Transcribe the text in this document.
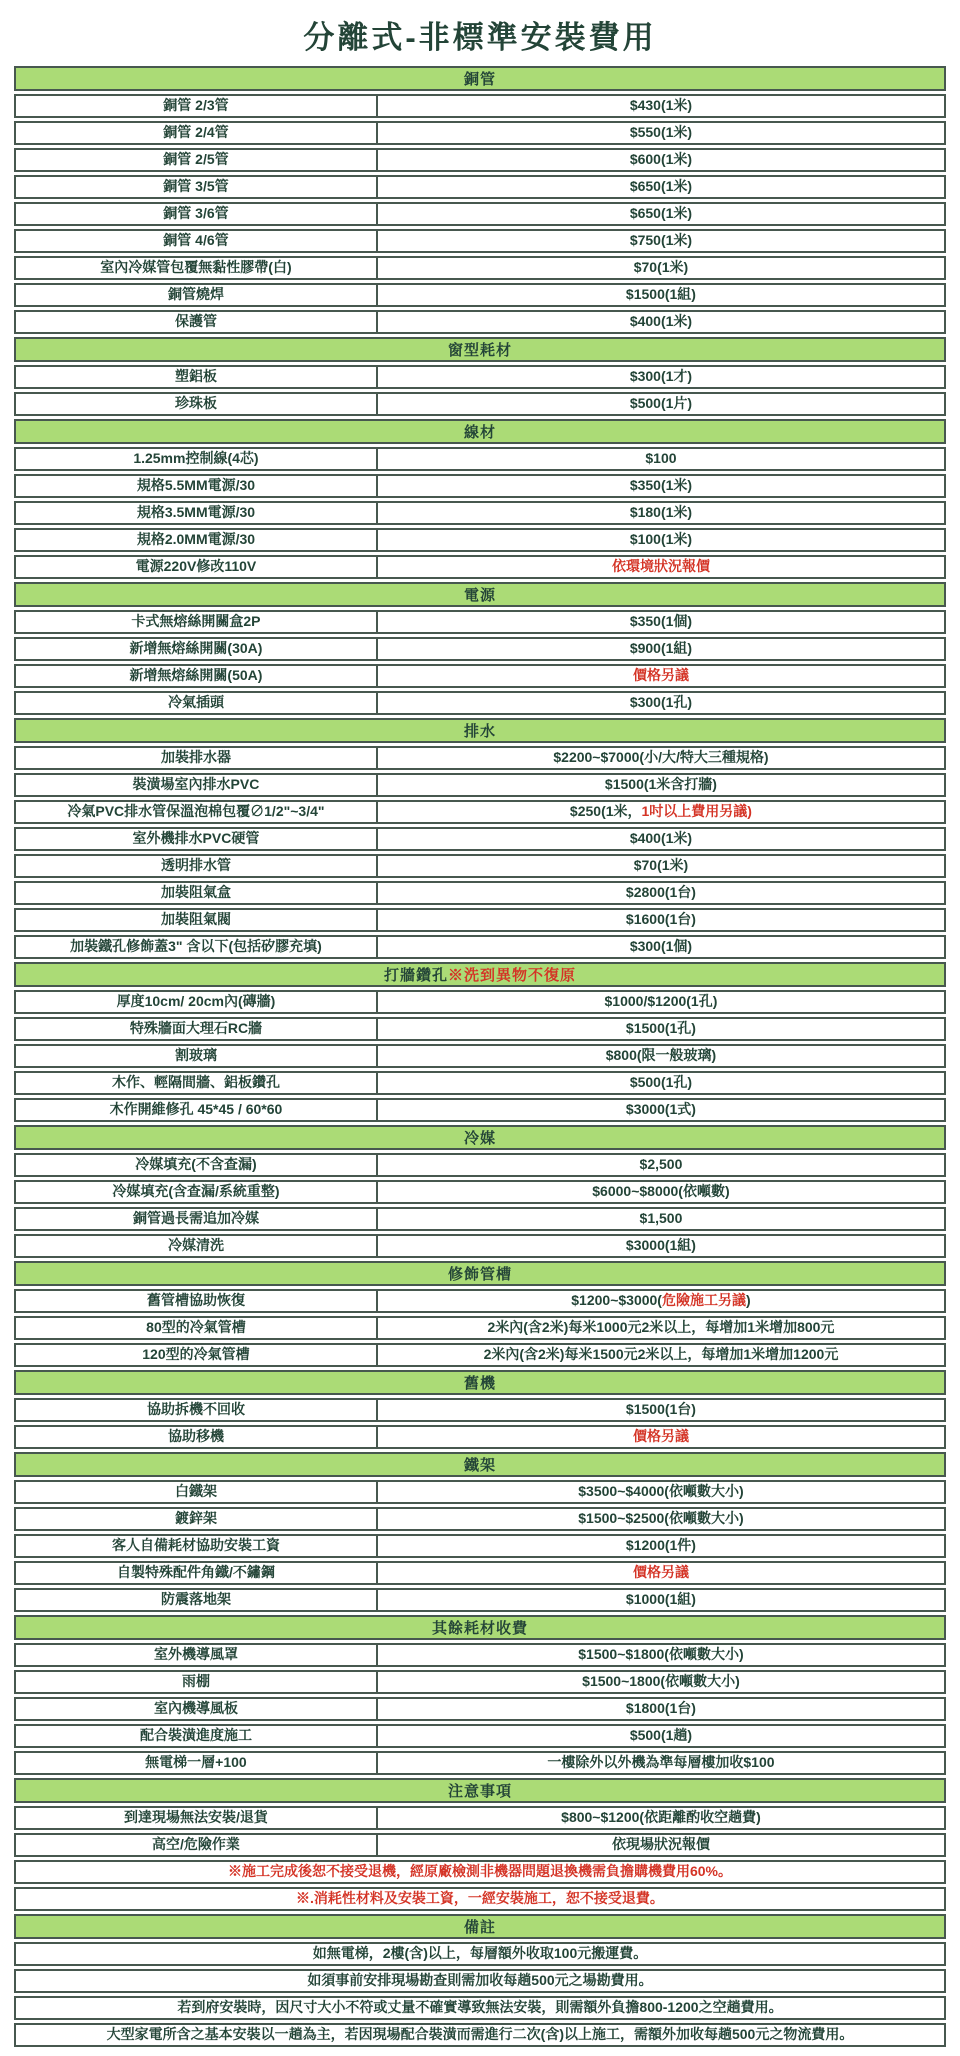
分離式-非標準安裝費用
銅管
銅管 2/3管	$430(1米)
銅管 2/4管	$550(1米)
銅管 2/5管	$600(1米)
銅管 3/5管	$650(1米)
銅管 3/6管	$650(1米)
銅管 4/6管	$750(1米)
室內冷媒管包覆無黏性膠帶(白)	$70(1米)
銅管燒焊	$1500(1組)
保護管	$400(1米)
窗型耗材
塑鋁板	$300(1才)
珍珠板	$500(1片)
線材
1.25mm控制線(4芯)	$100
規格5.5MM電源/30	$350(1米)
規格3.5MM電源/30	$180(1米)
規格2.0MM電源/30	$100(1米)
電源220V修改110V	依環境狀況報價
電源
卡式無熔絲開關盒2P	$350(1個)
新增無熔絲開關(30A)	$900(1組)
新增無熔絲開關(50A)	價格另議
冷氣插頭	$300(1孔)
排水
加裝排水器	$2200~$7000(小/大/特大三種規格)
裝潢場室內排水PVC	$1500(1米含打牆)
冷氣PVC排水管保溫泡棉包覆∅1/2"~3/4"	$250(1米， 1吋以上費用另議)
室外機排水PVC硬管	$400(1米)
透明排水管	$70(1米)
加裝阻氣盒	$2800(1台)
加裝阻氣閥	$1600(1台)
加裝鐵孔修飾蓋3" 含以下(包括矽膠充填)	$300(1個)
打牆鑽孔 ※洗到異物不復原
厚度10cm/ 20cm內(磚牆)	$1000/$1200(1孔)
特殊牆面大理石RC牆	$1500(1孔)
割玻璃	$800(限一般玻璃)
木作、輕隔間牆、鋁板鑽孔	$500(1孔)
木作開維修孔 45*45 / 60*60	$3000(1式)
冷媒
冷媒填充(不含查漏)	$2,500
冷媒填充(含查漏/系統重整)	$6000~$8000(依噸數)
銅管過長需追加冷媒	$1,500
冷媒清洗	$3000(1組)
修飾管槽
舊管槽協助恢復	$1200~$3000( 危險施工另議 )
80型的冷氣管槽	2米內(含2米)每米1000元2米以上，每增加1米增加800元
120型的冷氣管槽	2米內(含2米)每米1500元2米以上，每增加1米增加1200元
舊機
協助拆機不回收	$1500(1台)
協助移機	價格另議
鐵架
白鐵架	$3500~$4000(依噸數大小)
鍍鋅架	$1500~$2500(依噸數大小)
客人自備耗材協助安裝工資	$1200(1件)
自製特殊配件角鐵/不鏽鋼	價格另議
防震落地架	$1000(1組)
其餘耗材收費
室外機導風罩	$1500~$1800(依噸數大小)
雨棚	$1500~1800(依噸數大小)
室內機導風板	$1800(1台)
配合裝潢進度施工	$500(1趟)
無電梯一層+100	一樓除外以外機為準每層樓加收$100
注意事項
到達現場無法安裝/退貨	$800~$1200(依距離酌收空趟費)
高空/危險作業	依現場狀況報價
※施工完成後恕不接受退機，經原廠檢測非機器問題退換機需負擔購機費用60%。
※.消耗性材料及安裝工資，一經安裝施工，恕不接受退費。
備註
如無電梯，2樓(含)以上，每層額外收取100元搬運費。
如須事前安排現場勘查則需加收每趟500元之場勘費用。
若到府安裝時，因尺寸大小不符或丈量不確實導致無法安裝，則需額外負擔800-1200之空趟費用。
大型家電所含之基本安裝以一趟為主，若因現場配合裝潢而需進行二次(含)以上施工，需額外加收每趟500元之物流費用。
